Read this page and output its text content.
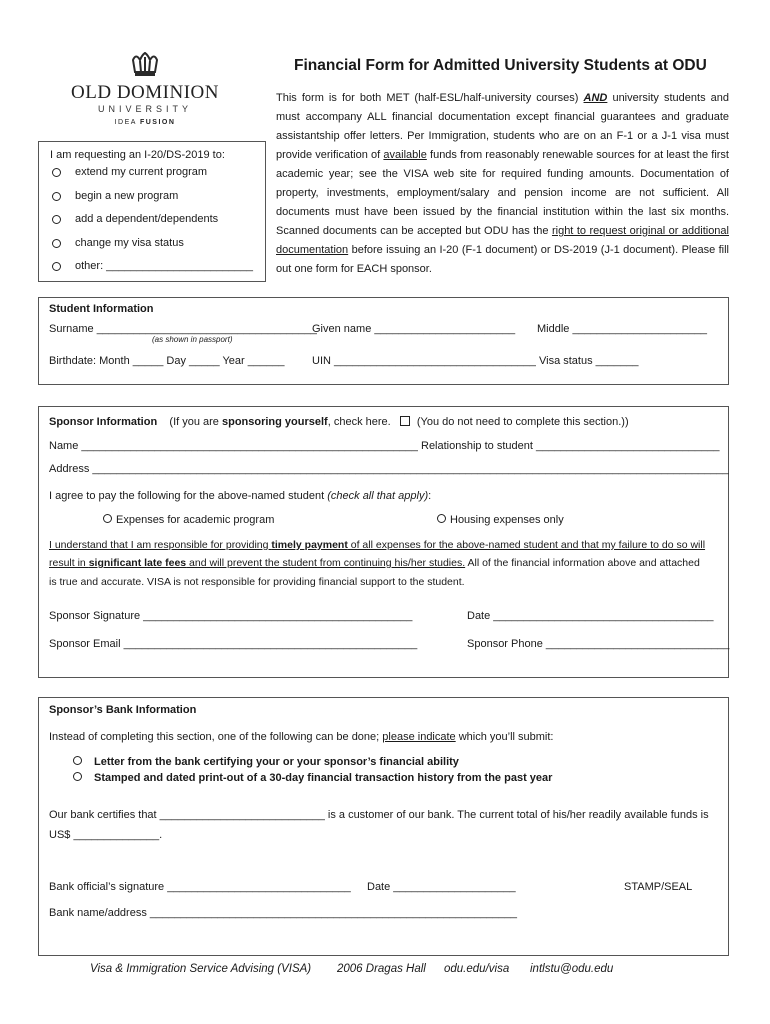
OLD DOMINION
UNIVERSITY
IDEA FUSION
Financial Form for Admitted University Students at ODU
This form is for both MET (half-ESL/half-university courses) AND university students and must accompany ALL financial documentation except financial guarantees and graduate assistantship offer letters. Per Immigration, students who are on an F-1 or a J-1 visa must provide verification of available funds from reasonably renewable sources for at least the first academic year; see the VISA web site for required funding amounts. Documentation of property, investments, employment/salary and pension income are not sufficient. All documents must have been issued by the financial institution within the last six months. Scanned documents can be accepted but ODU has the right to request original or additional documentation before issuing an I-20 (F-1 document) or DS-2019 (J-1 document). Please fill out one form for EACH sponsor.
I am requesting an I-20/DS-2019 to:
extend my current program
begin a new program
add a dependent/dependents
change my visa status
other: ________________________
Student Information
Surname ____________________________________
(as shown in passport)
Given name _______________________ Middle ______________________
Birthdate: Month _____ Day _____ Year ______	UIN _________________________________ Visa status _______
Sponsor Information (If you are sponsoring yourself, check here. (You do not need to complete this section.))
Name _______________________________________________________ Relationship to student ______________________________
Address ________________________________________________________________________________________________________
I agree to pay the following for the above-named student (check all that apply):
Expenses for academic program	Housing expenses only
I understand that I am responsible for providing timely payment of all expenses for the above-named student and that my failure to do so will
result in significant late fees and will prevent the student from continuing his/her studies. All of the financial information above and attached
is true and accurate. VISA is not responsible for providing financial support to the student.
Sponsor Signature ____________________________________________	Date ____________________________________
Sponsor Email ________________________________________________	Sponsor Phone ______________________________
Sponsor’s Bank Information
Instead of completing this section, one of the following can be done; please indicate which you’ll submit:
Letter from the bank certifying your or your sponsor’s financial ability
Stamped and dated print-out of a 30-day financial transaction history from the past year
Our bank certifies that ___________________________ is a customer of our bank. The current total of his/her readily available funds is
US$ ______________.
Bank official’s signature ______________________________ Date ____________________	STAMP/SEAL
Bank name/address ____________________________________________________________
Visa & Immigration Service Advising (VISA) 2006 Dragas Hall odu.edu/visa intlstu@odu.edu
